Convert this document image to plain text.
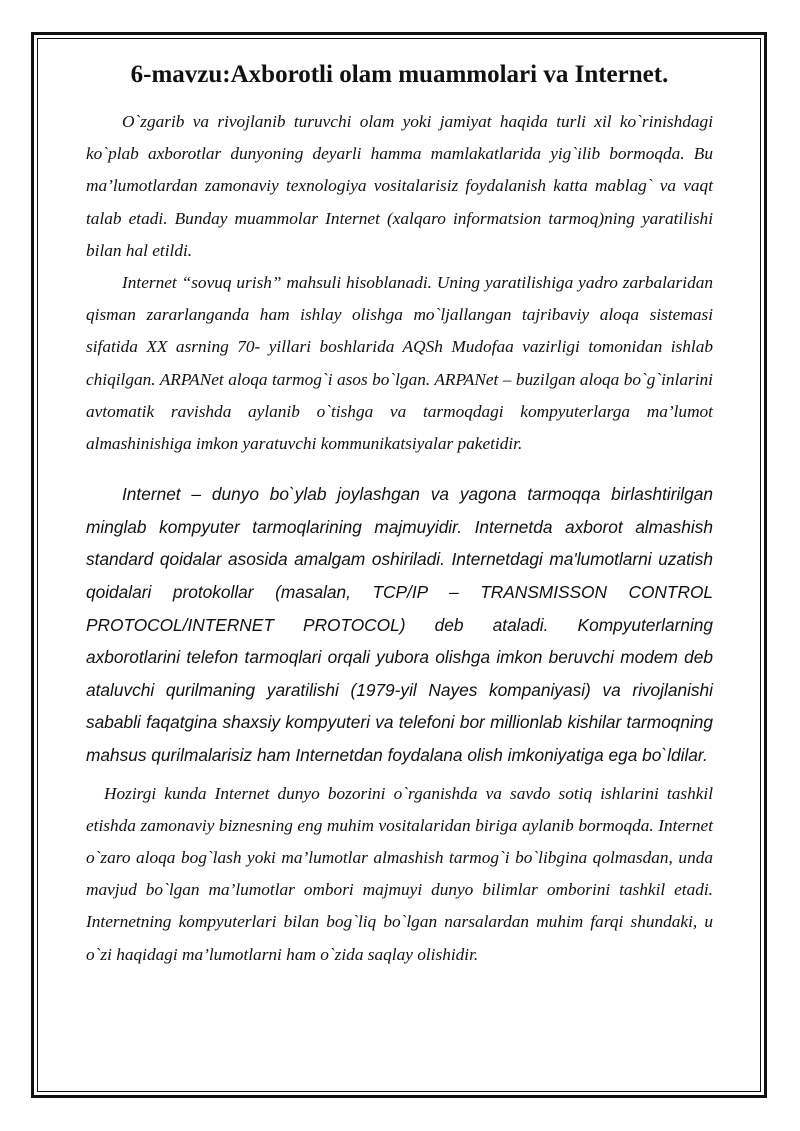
6-mavzu:Axborotli olam muammolari va Internet.

O`zgarib va rivojlanib turuvchi olam yoki jamiyat haqida turli xil ko`rinishdagi ko`plab axborotlar dunyoning deyarli hamma mamlakatlarida yig`ilib bormoqda. Bu ma’lumotlardan zamonaviy texnologiya vositalarisiz foydalanish katta mablag` va vaqt talab etadi. Bunday muammolar Internet (xalqaro informatsion tarmoq)ning yaratilishi bilan hal etildi.

Internet “sovuq urish” mahsuli hisoblanadi. Uning yaratilishiga yadro zarbalaridan qisman zararlanganda ham ishlay olishga mo`ljallangan tajribaviy aloqa sistemasi sifatida XX asrning 70- yillari boshlarida AQSh Mudofaa vazirligi tomonidan ishlab chiqilgan. ARPANet aloqa tarmog`i asos bo`lgan. ARPANet – buzilgan aloqa bo`g`inlarini avtomatik ravishda aylanib o`tishga va tarmoqdagi kompyuterlarga ma’lumot almashinishiga imkon yaratuvchi kommunikatsiyalar paketidir.

Internet – dunyo bo`ylab joylashgan va yagona tarmoqqa birlashtirilgan minglab kompyuter tarmoqlarining majmuyidir. Internetda axborot almashish standard qoidalar asosida amalgam oshiriladi. Internetdagi ma'lumotlarni uzatish qoidalari protokollar (masalan, TCP/IP – TRANSMISSON CONTROL PROTOCOL/INTERNET PROTOCOL) deb ataladi. Kompyuterlarning axborotlarini telefon tarmoqlari orqali yubora olishga imkon beruvchi modem deb ataluvchi qurilmaning yaratilishi (1979-yil Nayes kompaniyasi) va rivojlanishi sababli faqatgina shaxsiy kompyuteri va telefoni bor millionlab kishilar tarmoqning mahsus qurilmalarisiz ham Internetdan foydalana olish imkoniyatiga ega bo`ldilar.

Hozirgi kunda Internet dunyo bozorini o`rganishda va savdo sotiq ishlarini tashkil etishda zamonaviy biznesning eng muhim vositalaridan biriga aylanib bormoqda. Internet o`zaro aloqa bog`lash yoki ma’lumotlar almashish tarmog`i bo`libgina qolmasdan, unda mavjud bo`lgan ma’lumotlar ombori majmuyi dunyo bilimlar omborini tashkil etadi. Internetning kompyuterlari bilan bog`liq bo`lgan narsalardan muhim farqi shundaki, u o`zi haqidagi ma’lumotlarni ham o`zida saqlay olishidir.
